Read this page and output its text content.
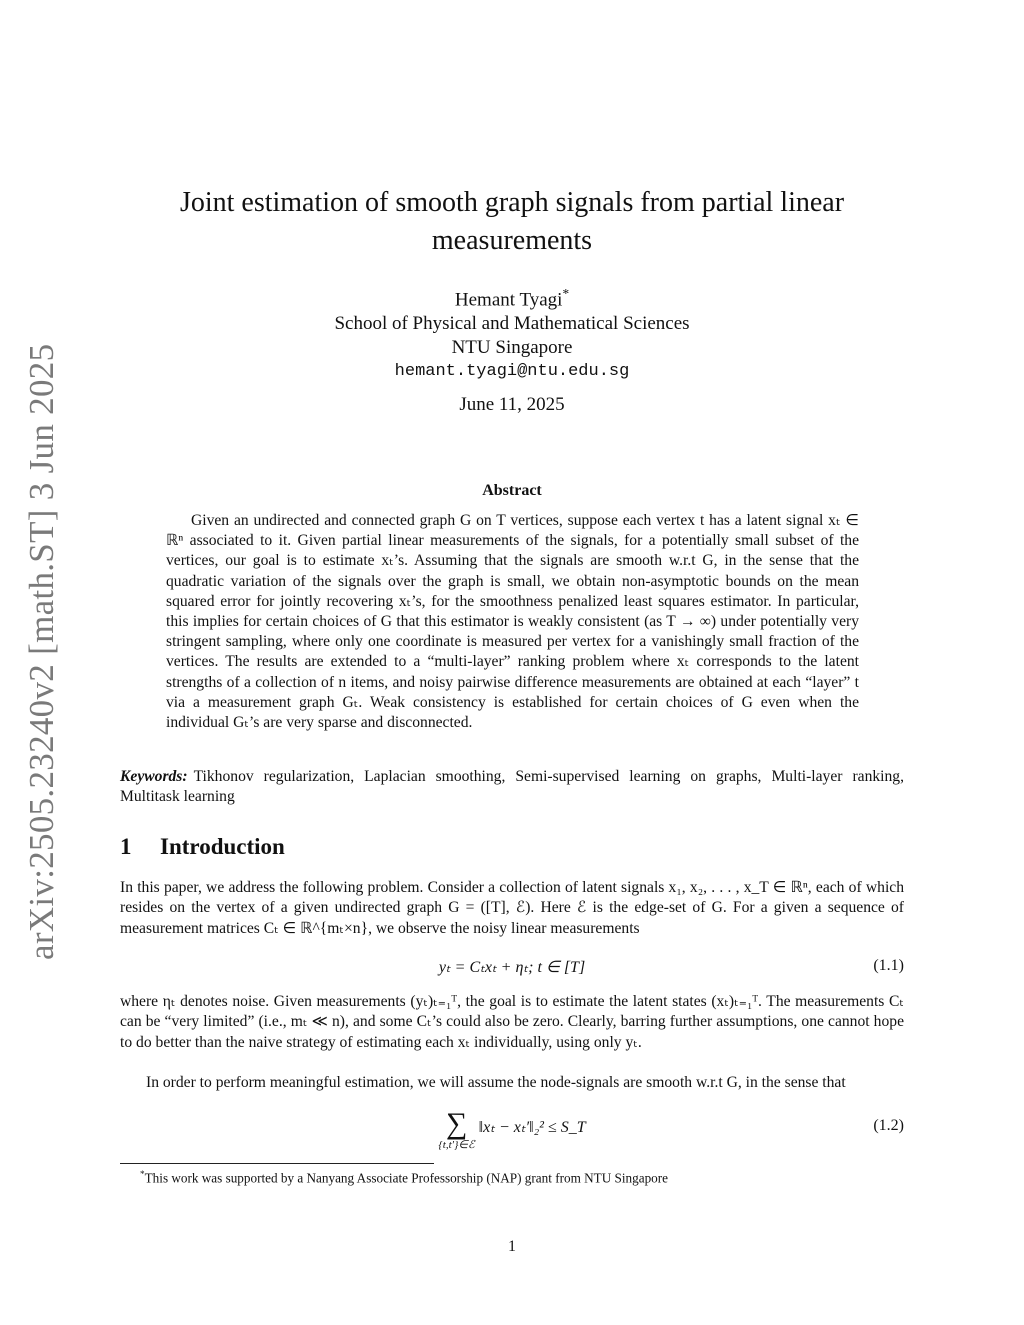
arXiv:2505.23240v2 [math.ST] 3 Jun 2025
Joint estimation of smooth graph signals from partial linear measurements
Hemant Tyagi*
School of Physical and Mathematical Sciences
NTU Singapore
hemant.tyagi@ntu.edu.sg
June 11, 2025
Abstract
Given an undirected and connected graph G on T vertices, suppose each vertex t has a latent signal xₜ ∈ ℝⁿ associated to it. Given partial linear measurements of the signals, for a potentially small subset of the vertices, our goal is to estimate xₜ’s. Assuming that the signals are smooth w.r.t G, in the sense that the quadratic variation of the signals over the graph is small, we obtain non-asymptotic bounds on the mean squared error for jointly recovering xₜ’s, for the smoothness penalized least squares estimator. In particular, this implies for certain choices of G that this estimator is weakly consistent (as T → ∞) under potentially very stringent sampling, where only one coordinate is measured per vertex for a vanishingly small fraction of the vertices. The results are extended to a “multi-layer” ranking problem where xₜ corresponds to the latent strengths of a collection of n items, and noisy pairwise difference measurements are obtained at each “layer” t via a measurement graph Gₜ. Weak consistency is established for certain choices of G even when the individual Gₜ’s are very sparse and disconnected.
Keywords: Tikhonov regularization, Laplacian smoothing, Semi-supervised learning on graphs, Multi-layer ranking, Multitask learning
1 Introduction
In this paper, we address the following problem. Consider a collection of latent signals x₁, x₂, . . . , x_T ∈ ℝⁿ, each of which resides on the vertex of a given undirected graph G = ([T], ℰ). Here ℰ is the edge-set of G. For a given a sequence of measurement matrices Cₜ ∈ ℝ^{mₜ×n}, we observe the noisy linear measurements
yₜ = Cₜxₜ + ηₜ; t ∈ [T]	(1.1)
where ηₜ denotes noise. Given measurements (yₜ)ₜ₌₁ᵀ, the goal is to estimate the latent states (xₜ)ₜ₌₁ᵀ. The measurements Cₜ can be “very limited” (i.e., mₜ ≪ n), and some Cₜ’s could also be zero. Clearly, barring further assumptions, one cannot hope to do better than the naive strategy of estimating each xₜ individually, using only yₜ.
In order to perform meaningful estimation, we will assume the node-signals are smooth w.r.t G, in the sense that
∑
{t,t′}∈ℰ
‖xₜ − xₜ′‖₂² ≤ S_T	(1.2)
*This work was supported by a Nanyang Associate Professorship (NAP) grant from NTU Singapore
1
